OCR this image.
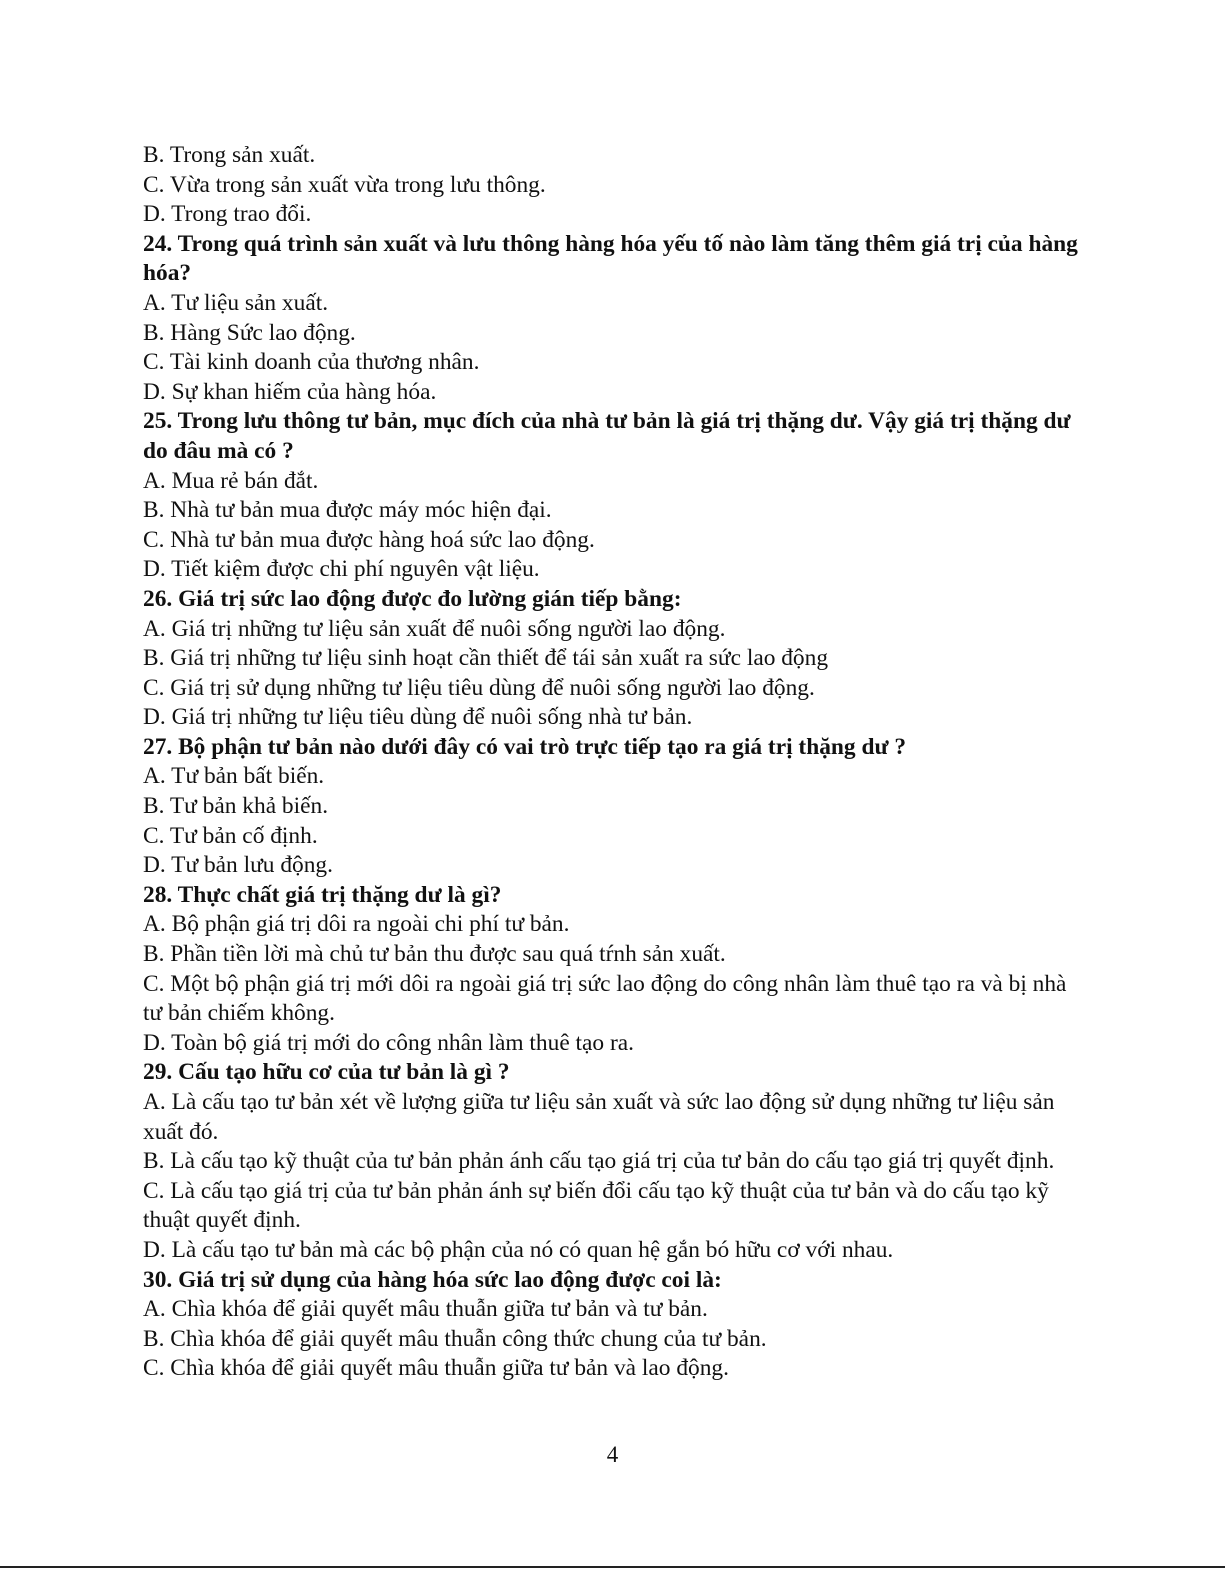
B. Trong sản xuất.

C. Vừa trong sản xuất vừa trong lưu thông.

D. Trong trao đổi.

24. Trong quá trình sản xuất và lưu thông hàng hóa yếu tố nào làm tăng thêm giá trị của hàng hóa?

A. Tư liệu sản xuất.

B. Hàng Sức lao động.

C. Tài kinh doanh của thương nhân.

D. Sự khan hiếm của hàng hóa.

25. Trong lưu thông tư bản, mục đích của nhà tư bản là giá trị thặng dư. Vậy giá trị thặng dư do đâu mà có ?

A. Mua rẻ bán đắt.

B. Nhà tư bản mua được máy móc hiện đại.

C. Nhà tư bản mua được hàng hoá sức lao động.

D. Tiết kiệm được chi phí nguyên vật liệu.

26. Giá trị sức lao động được đo lường gián tiếp bằng:

A. Giá trị những tư liệu sản xuất để nuôi sống người lao động.

B. Giá trị những tư liệu sinh hoạt cần thiết để tái sản xuất ra sức lao động

C. Giá trị sử dụng những tư liệu tiêu dùng để nuôi sống người lao động.

D. Giá trị những tư liệu tiêu dùng để nuôi sống nhà tư bản.

27. Bộ phận tư bản nào dưới đây có vai trò trực tiếp tạo ra giá trị thặng dư ?

A. Tư bản bất biến.

B. Tư bản khả biến.

C. Tư bản cố định.

D. Tư bản lưu động.

28. Thực chất giá trị thặng dư là gì?

A. Bộ phận giá trị dôi ra ngoài chi phí tư bản.

B. Phần tiền lời mà chủ tư bản thu được sau quá tŕnh sản xuất.

C. Một bộ phận giá trị mới dôi ra ngoài giá trị sức lao động do công nhân làm thuê tạo ra và bị nhà tư bản chiếm không.

D. Toàn bộ giá trị mới do công nhân làm thuê tạo ra.

29. Cấu tạo hữu cơ của tư bản là gì ?

A. Là cấu tạo tư bản xét về lượng giữa tư liệu sản xuất và sức lao động sử dụng những tư liệu sản xuất đó.

B. Là cấu tạo kỹ thuật của tư bản phản ánh cấu tạo giá trị của tư bản do cấu tạo giá trị quyết định.

C. Là cấu tạo giá trị của tư bản phản ánh sự biến đổi cấu tạo kỹ thuật của tư bản và do cấu tạo kỹ thuật quyết định.

D. Là cấu tạo tư bản mà các bộ phận của nó có quan hệ gắn bó hữu cơ với nhau.

30. Giá trị sử dụng của hàng hóa sức lao động được coi là:

A. Chìa khóa để giải quyết mâu thuẫn giữa tư bản và tư bản.

B. Chìa khóa để giải quyết mâu thuẫn công thức chung của tư bản.

C. Chìa khóa để giải quyết mâu thuẫn giữa tư bản và lao động.

4
